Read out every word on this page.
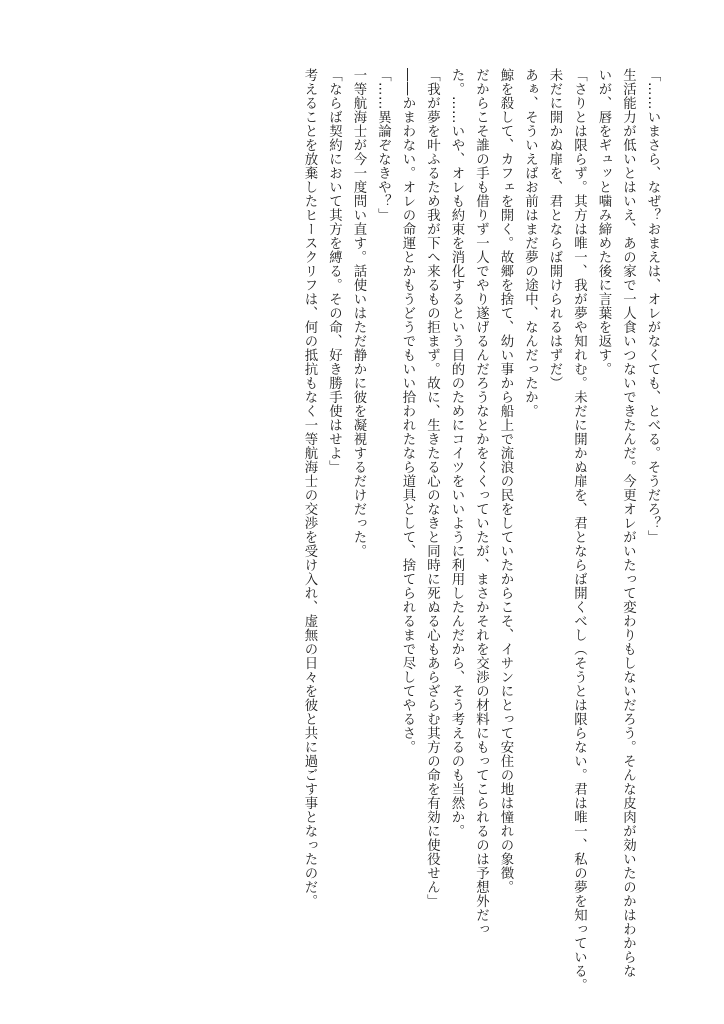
「……いまさら、なぜ？おまえは、オレがなくても、とべる。そうだろ？」
生活能力が低いとはいえ、あの家で一人食いつないできたんだ。今更オレがいたって変わりもしないだろう。そんな皮肉が効いたのかはわからな
いが、唇をギュッと噛み締めた後に言葉を返す。
「さりとは限らず。其方は唯一、我が夢や知れむ。未だに開かぬ扉を、君とならば開くべし（そうとは限らない。君は唯一、私の夢を知っている。
未だに開かぬ扉を、君とならば開けられるはずだ）
あぁ、そういえばお前はまだ夢の途中、なんだったか。
鯨を殺して、カフェを開く。故郷を捨て、幼い事から船上で流浪の民をしていたからこそ、イサンにとって安住の地は憧れの象徴。
だからこそ誰の手も借りず一人でやり遂げるんだろうなとかをくくっていたが、まさかそれを交渉の材料にもってこられるのは予想外だっ
た。……いや、オレも約束を消化するという目的のためにコイツをいいように利用したんだから、そう考えるのも当然か。
「我が夢を叶ふるため我が下へ来るもの拒まず。故に、生きたる心のなきと同時に死ぬる心もあらざらむ其方の命を有効に使役せん」
――かまわない。オレの命運とかもうどうでもいい拾われたなら道具として、捨てられるまで尽してやるさ。
「……異論ぞなきや？」
一等航海士が今一度問い直す。話使いはただ静かに彼を凝視するだけだった。
「ならば契約において其方を縛る。その命、好き勝手使はせよ」
考えることを放棄したヒースクリフは、何の抵抗もなく一等航海士の交渉を受け入れ、虚無の日々を彼と共に過ごす事となったのだ。
